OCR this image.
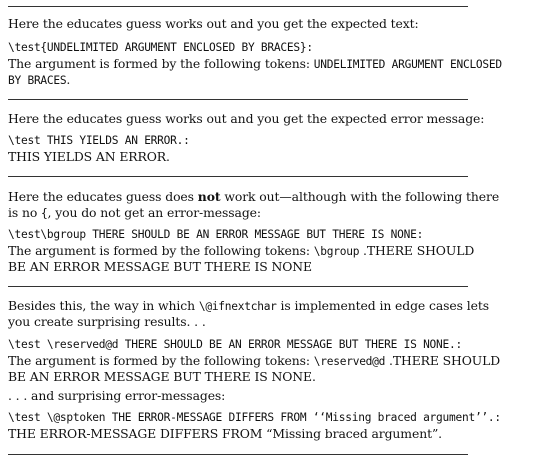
Here the educates guess works out and you get the expected text:
\test{UNDELIMITED ARGUMENT ENCLOSED BY BRACES}:
The argument is formed by the following tokens: UNDELIMITED ARGUMENT ENCLOSED
BY BRACES.
Here the educates guess works out and you get the expected error message:
\test THIS YIELDS AN ERROR.:
THIS YIELDS AN ERROR.
Here the educates guess does not work out—although with the following there
is no {, you do not get an error-message:
\test\bgroup THERE SHOULD BE AN ERROR MESSAGE BUT THERE IS NONE:
The argument is formed by the following tokens: \bgroup .THERE SHOULD
BE AN ERROR MESSAGE BUT THERE IS NONE
Besides this, the way in which \@ifnextchar is implemented in edge cases lets
you create surprising results. . .
\test \reserved@d THERE SHOULD BE AN ERROR MESSAGE BUT THERE IS NONE.:
The argument is formed by the following tokens: \reserved@d .THERE SHOULD
BE AN ERROR MESSAGE BUT THERE IS NONE.
. . . and surprising error-messages:
\test \@sptoken THE ERROR-MESSAGE DIFFERS FROM ‘‘Missing braced argument’’.:
THE ERROR-MESSAGE DIFFERS FROM “Missing braced argument”.
